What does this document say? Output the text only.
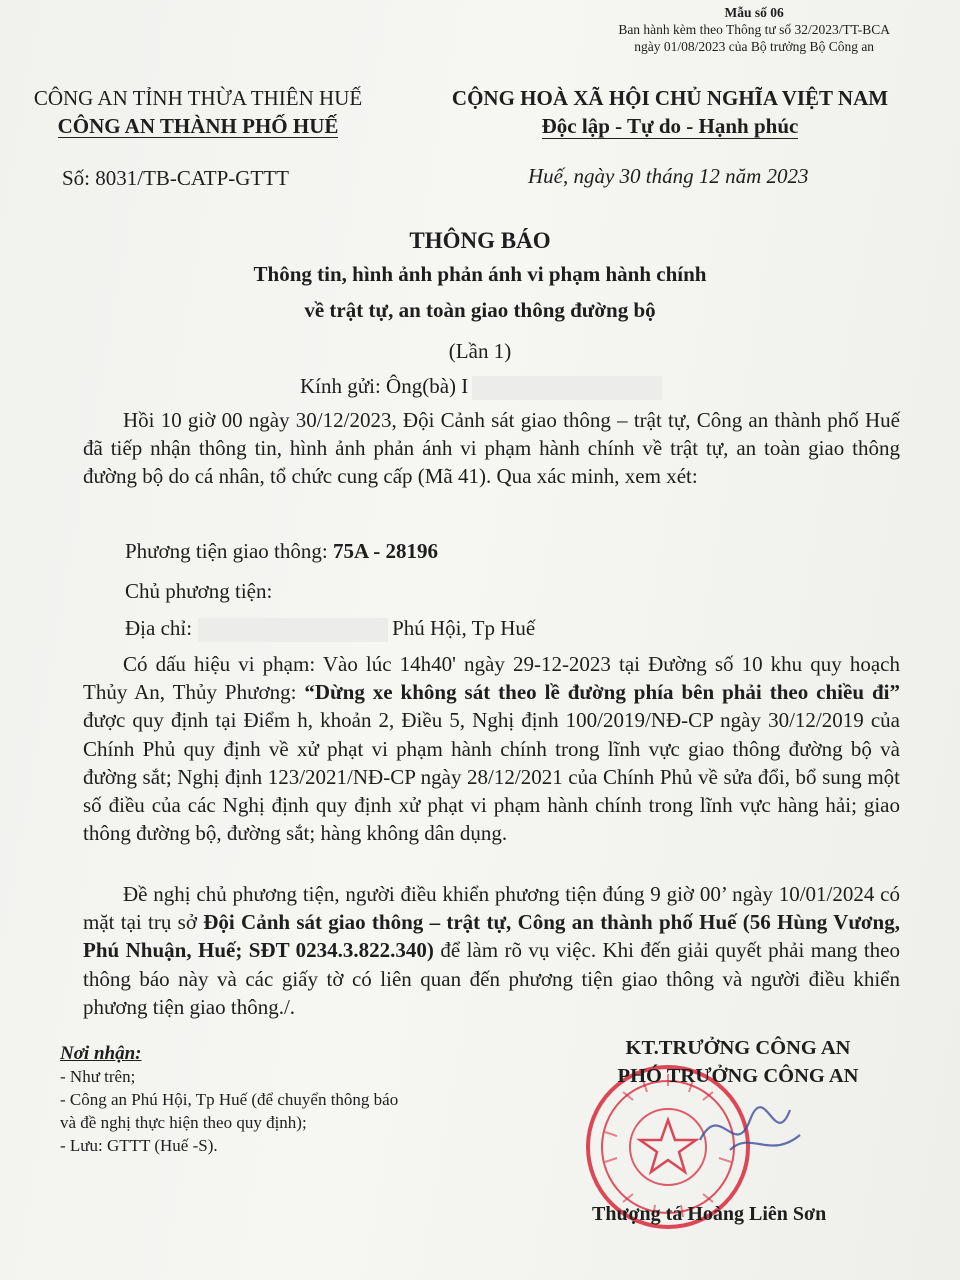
Mẫu số 06
Ban hành kèm theo Thông tư số 32/2023/TT-BCA
ngày 01/08/2023 của Bộ trưởng Bộ Công an
CÔNG AN TỈNH THỪA THIÊN HUẾ
CÔNG AN THÀNH PHỐ HUẾ
CỘNG HOÀ XÃ HỘI CHỦ NGHĨA VIỆT NAM
Độc lập - Tự do - Hạnh phúc
Số: 8031/TB-CATP-GTTT	Huế, ngày 30 tháng 12 năm 2023
THÔNG BÁO
Thông tin, hình ảnh phản ánh vi phạm hành chính
về trật tự, an toàn giao thông đường bộ
(Lần 1)
Kính gửi: Ông(bà) I

Hồi 10 giờ 00 ngày 30/12/2023, Đội Cảnh sát giao thông – trật tự, Công an thành phố Huế đã tiếp nhận thông tin, hình ảnh phản ánh vi phạm hành chính về trật tự, an toàn giao thông đường bộ do cá nhân, tổ chức cung cấp (Mã 41). Qua xác minh, xem xét:

Phương tiện giao thông: 75A - 28196
Chủ phương tiện:
Địa chỉ:	Phú Hội, Tp Huế

Có dấu hiệu vi phạm: Vào lúc 14h40' ngày 29-12-2023 tại Đường số 10 khu quy hoạch Thủy An, Thủy Phương: “Dừng xe không sát theo lề đường phía bên phải theo chiều đi” được quy định tại Điểm h, khoản 2, Điều 5, Nghị định 100/2019/NĐ-CP ngày 30/12/2019 của Chính Phủ quy định về xử phạt vi phạm hành chính trong lĩnh vực giao thông đường bộ và đường sắt; Nghị định 123/2021/NĐ-CP ngày 28/12/2021 của Chính Phủ về sửa đổi, bổ sung một số điều của các Nghị định quy định xử phạt vi phạm hành chính trong lĩnh vực hàng hải; giao thông đường bộ, đường sắt; hàng không dân dụng.

Đề nghị chủ phương tiện, người điều khiển phương tiện đúng 9 giờ 00’ ngày 10/01/2024 có mặt tại trụ sở Đội Cảnh sát giao thông – trật tự, Công an thành phố Huế (56 Hùng Vương, Phú Nhuận, Huế; SĐT 0234.3.822.340) để làm rõ vụ việc. Khi đến giải quyết phải mang theo thông báo này và các giấy tờ có liên quan đến phương tiện giao thông và người điều khiển phương tiện giao thông./.

Nơi nhận:
- Như trên;
- Công an Phú Hội, Tp Huế (để chuyển thông báo
và đề nghị thực hiện theo quy định);
- Lưu: GTTT (Huế -S).
KT.TRƯỞNG CÔNG AN
PHÓ TRƯỞNG CÔNG AN
Thượng tá Hoàng Liên Sơn
